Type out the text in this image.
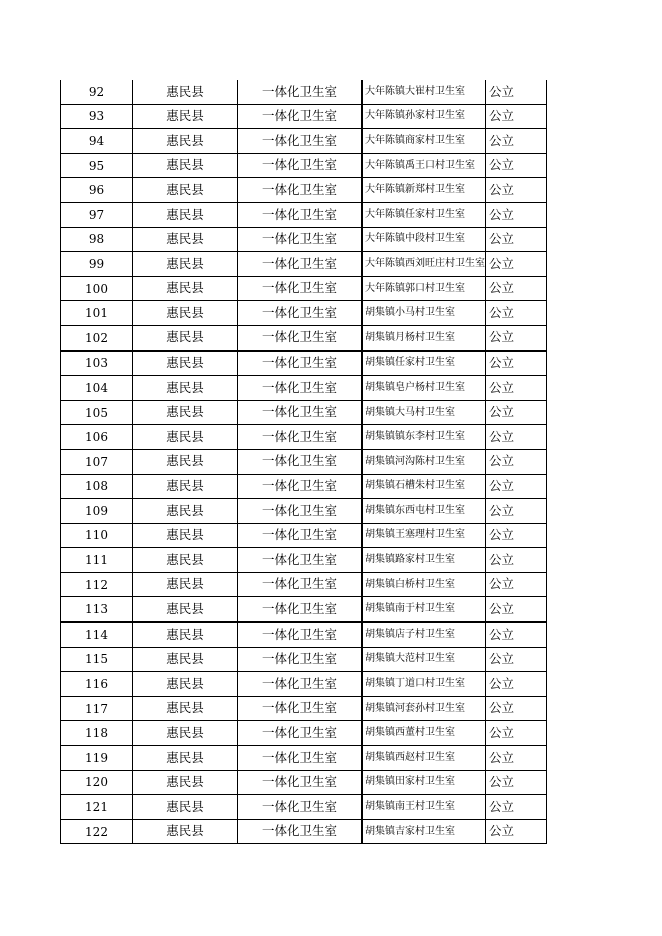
92	惠民县	一体化卫生室	大年陈镇大崔村卫生室	公立
93	惠民县	一体化卫生室	大年陈镇孙家村卫生室	公立
94	惠民县	一体化卫生室	大年陈镇商家村卫生室	公立
95	惠民县	一体化卫生室	大年陈镇禹王口村卫生室	公立
96	惠民县	一体化卫生室	大年陈镇新郑村卫生室	公立
97	惠民县	一体化卫生室	大年陈镇任家村卫生室	公立
98	惠民县	一体化卫生室	大年陈镇中段村卫生室	公立
99	惠民县	一体化卫生室	大年陈镇西刘旺庄村卫生室	公立
100	惠民县	一体化卫生室	大年陈镇郭口村卫生室	公立
101	惠民县	一体化卫生室	胡集镇小马村卫生室	公立
102	惠民县	一体化卫生室	胡集镇月杨村卫生室	公立
103	惠民县	一体化卫生室	胡集镇任家村卫生室	公立
104	惠民县	一体化卫生室	胡集镇皂户杨村卫生室	公立
105	惠民县	一体化卫生室	胡集镇大马村卫生室	公立
106	惠民县	一体化卫生室	胡集镇镇东李村卫生室	公立
107	惠民县	一体化卫生室	胡集镇河沟陈村卫生室	公立
108	惠民县	一体化卫生室	胡集镇石槽朱村卫生室	公立
109	惠民县	一体化卫生室	胡集镇东西屯村卫生室	公立
110	惠民县	一体化卫生室	胡集镇王塞理村卫生室	公立
111	惠民县	一体化卫生室	胡集镇路家村卫生室	公立
112	惠民县	一体化卫生室	胡集镇白桥村卫生室	公立
113	惠民县	一体化卫生室	胡集镇南于村卫生室	公立
114	惠民县	一体化卫生室	胡集镇店子村卫生室	公立
115	惠民县	一体化卫生室	胡集镇大范村卫生室	公立
116	惠民县	一体化卫生室	胡集镇丁道口村卫生室	公立
117	惠民县	一体化卫生室	胡集镇河套孙村卫生室	公立
118	惠民县	一体化卫生室	胡集镇西董村卫生室	公立
119	惠民县	一体化卫生室	胡集镇西赵村卫生室	公立
120	惠民县	一体化卫生室	胡集镇田家村卫生室	公立
121	惠民县	一体化卫生室	胡集镇南王村卫生室	公立
122	惠民县	一体化卫生室	胡集镇吉家村卫生室	公立
